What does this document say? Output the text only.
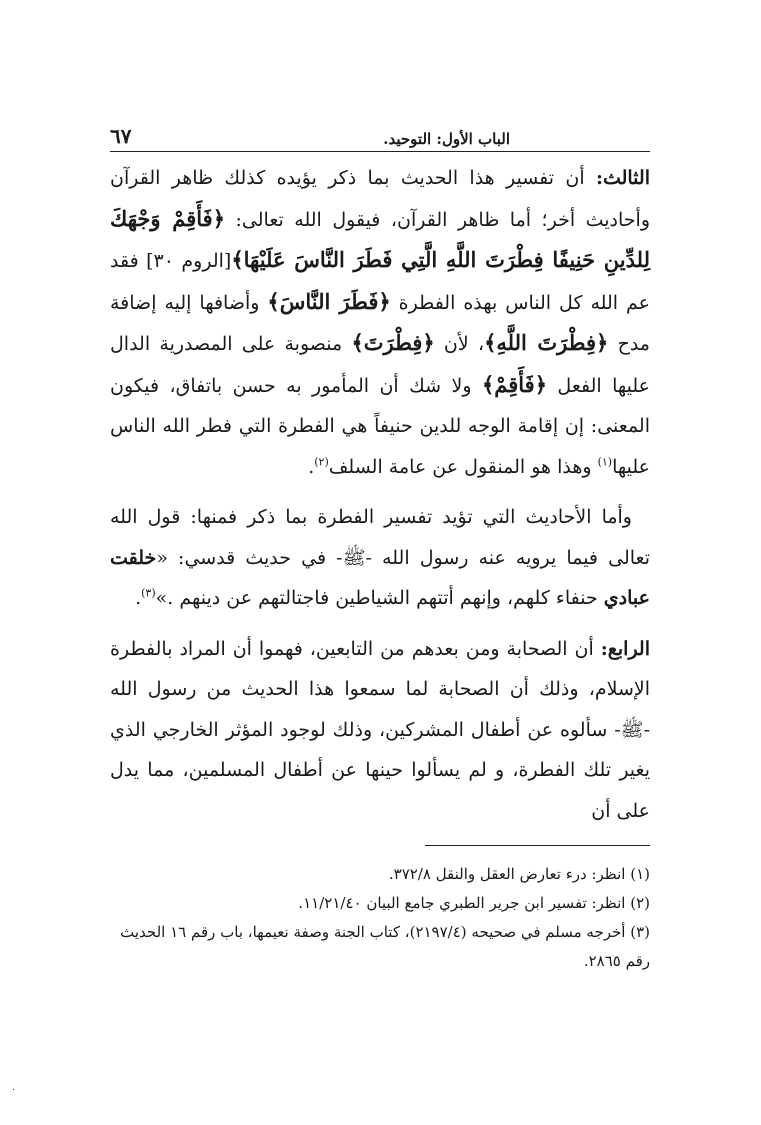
الباب الأول: التوحيد.
٦٧

الثالث: أن تفسير هذا الحديث بما ذكر يؤيده كذلك ظاهر القرآن وأحاديث أخر؛ أما ظاهر القرآن، فيقول الله تعالى: ﴿فَأَقِمْ وَجْهَكَ لِلدِّينِ حَنِيفًا فِطْرَتَ اللَّهِ الَّتِي فَطَرَ النَّاسَ عَلَيْهَا﴾[الروم ٣٠] فقد عم الله كل الناس بهذه الفطرة ﴿فَطَرَ النَّاسَ﴾ وأضافها إليه إضافة مدح ﴿فِطْرَتَ اللَّهِ﴾، لأن ﴿فِطْرَتَ﴾ منصوبة على المصدرية الدال عليها الفعل ﴿فَأَقِمْ﴾ ولا شك أن المأمور به حسن باتفاق، فيكون المعنى: إن إقامة الوجه للدين حنيفاً هي الفطرة التي فطر الله الناس عليها$^{(١)}$ وهذا هو المنقول عن عامة السلف$^{(٢)}$.

وأما الأحاديث التي تؤيد تفسير الفطرة بما ذكر فمنها: قول الله تعالى فيما يرويه عنه رسول الله -ﷺ- في حديث قدسي: «خلقت عبادي حنفاء كلهم، وإنهم أتتهم الشياطين فاجتالتهم عن دينهم .»$^{(٣)}$.

الرابع: أن الصحابة ومن بعدهم من التابعين، فهموا أن المراد بالفطرة الإسلام، وذلك أن الصحابة لما سمعوا هذا الحديث من رسول الله -ﷺ- سألوه عن أطفال المشركين، وذلك لوجود المؤثر الخارجي الذي يغير تلك الفطرة، و لم يسألوا حينها عن أطفال المسلمين، مما يدل على أن

(١) انظر: درء تعارض العقل والنقل ٣٧٢/٨.

(٢) انظر: تفسير ابن جرير الطبري جامع البيان ١١/٢١/٤٠.

(٣) أخرجه مسلم في صحيحه (٢١٩٧/٤)، كتاب الجنة وصفة نعيمها، باب رقم ١٦ الحديث رقم ٢٨٦٥.

·
